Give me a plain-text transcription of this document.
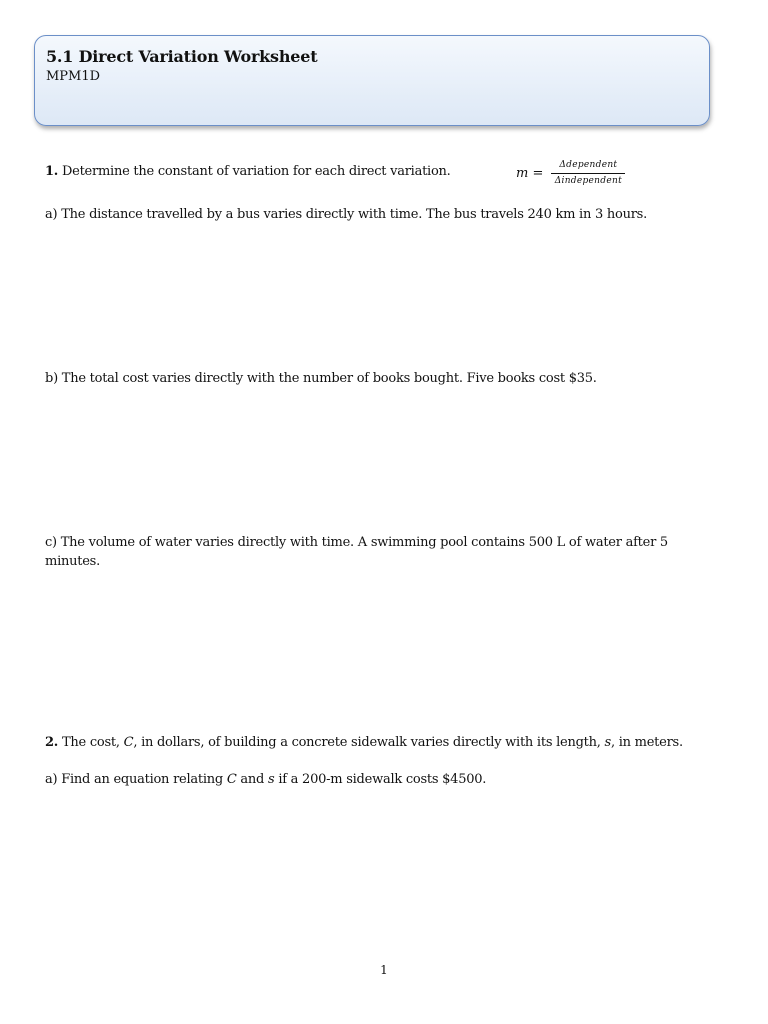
5.1 Direct Variation Worksheet
MPM1D
1. Determine the constant of variation for each direct variation.	$m = \frac{\text{Δdependent}}{\text{Δindependent}}$
a) The distance travelled by a bus varies directly with time. The bus travels 240 km in 3 hours.
b) The total cost varies directly with the number of books bought. Five books cost $35.
c) The volume of water varies directly with time. A swimming pool contains 500 L of water after 5 minutes.
2. The cost, C, in dollars, of building a concrete sidewalk varies directly with its length, s, in meters.
a) Find an equation relating C and s if a 200-m sidewalk costs $4500.
1
